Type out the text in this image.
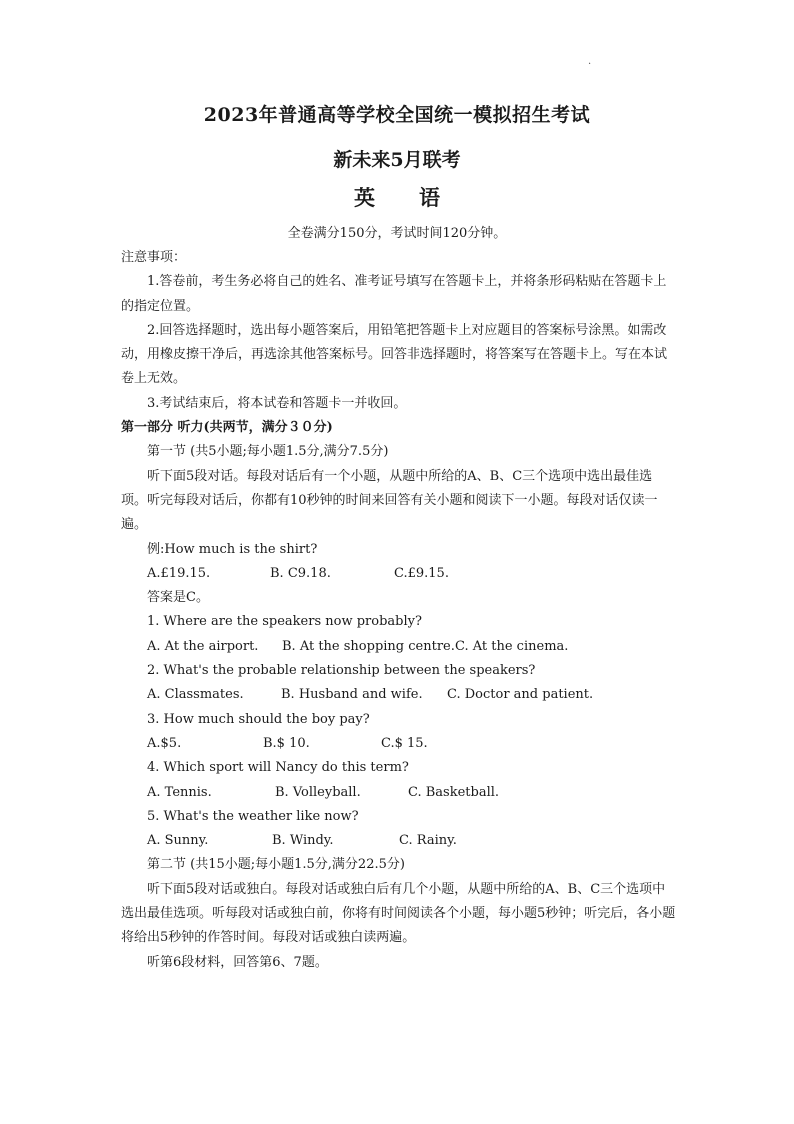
.
2023年普通高等学校全国统一模拟招生考试
新未来5月联考
英 语
全卷满分150分，考试时间120分钟。

注意事项：

1.答卷前，考生务必将自己的姓名、准考证号填写在答题卡上，并将条形码粘贴在答题卡上的指定位置。

2.回答选择题时，选出每小题答案后，用铅笔把答题卡上对应题目的答案标号涂黑。如需改动，用橡皮擦干净后，再选涂其他答案标号。回答非选择题时，将答案写在答题卡上。写在本试卷上无效。

3.考试结束后，将本试卷和答题卡一并收回。

第一部分 听力(共两节，满分３０分)

第一节 (共5小题;每小题1.5分,满分7.5分)

听下面5段对话。每段对话后有一个小题，从题中所给的A、B、C三个选项中选出最佳选项。听完每段对话后，你都有10秒钟的时间来回答有关小题和阅读下一小题。每段对话仅读一遍。

例:How much is the shirt?

A.£19.15.	B. C9.18.	C.£9.15.

答案是C。

1. Where are the speakers now probably?

A. At the airport.	B. At the shopping centre. C. At the cinema.

2. What's the probable relationship between the speakers?

A. Classmates.	B. Husband and wife.	C. Doctor and patient.

3. How much should the boy pay?

A.$5.	B.$ 10.	C.$ 15.

4. Which sport will Nancy do this term?

A. Tennis.	B. Volleyball.	C. Basketball.

5. What's the weather like now?

A. Sunny.	B. Windy.	C. Rainy.

第二节 (共15小题;每小题1.5分,满分22.5分)

听下面5段对话或独白。每段对话或独白后有几个小题，从题中所给的A、B、C三个选项中选出最佳选项。听每段对话或独白前，你将有时间阅读各个小题，每小题5秒钟；听完后，各小题将给出5秒钟的作答时间。每段对话或独白读两遍。

听第6段材料，回答第6、7题。
